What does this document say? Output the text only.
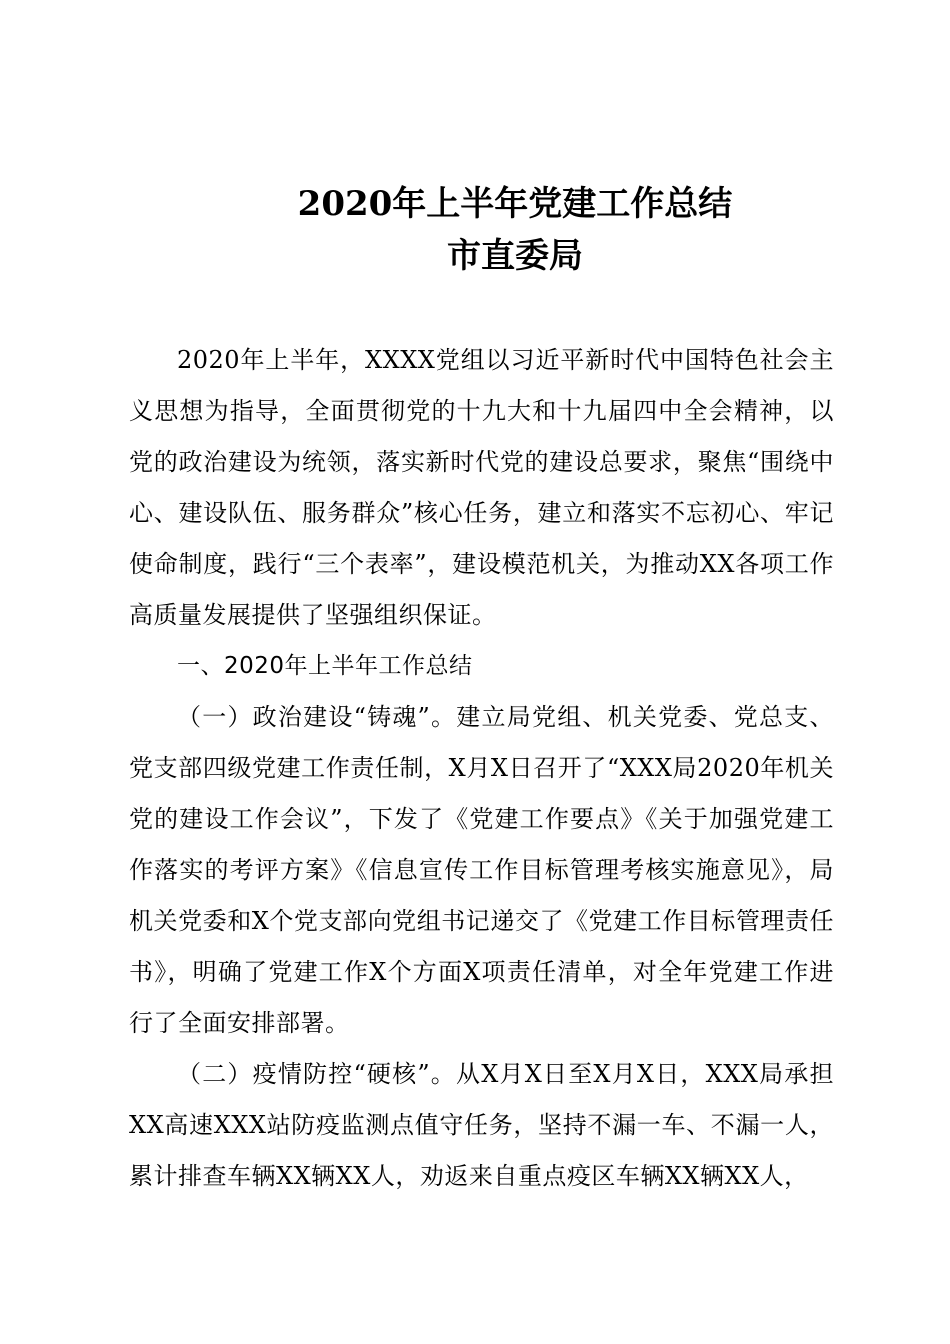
2020年上半年党建工作总结
市直委局

2020年上半年，XXXX党组以习近平新时代中国特色社会主义思想为指导，全面贯彻党的十九大和十九届四中全会精神，以党的政治建设为统领，落实新时代党的建设总要求，聚焦“围绕中心、建设队伍、服务群众”核心任务，建立和落实不忘初心、牢记使命制度，践行“三个表率”，建设模范机关，为推动XX各项工作高质量发展提供了坚强组织保证。

一、2020年上半年工作总结

（一）政治建设“铸魂”。建立局党组、机关党委、党总支、党支部四级党建工作责任制，X月X日召开了“XXX局2020年机关党的建设工作会议”，下发了《党建工作要点》《关于加强党建工作落实的考评方案》《信息宣传工作目标管理考核实施意见》，局机关党委和X个党支部向党组书记递交了《党建工作目标管理责任书》，明确了党建工作X个方面X项责任清单，对全年党建工作进行了全面安排部署。

（二）疫情防控“硬核”。从X月X日至X月X日，XXX局承担XX高速XXX站防疫监测点值守任务，坚持不漏一车、不漏一人，累计排查车辆XX辆XX人，劝返来自重点疫区车辆XX辆XX人，
